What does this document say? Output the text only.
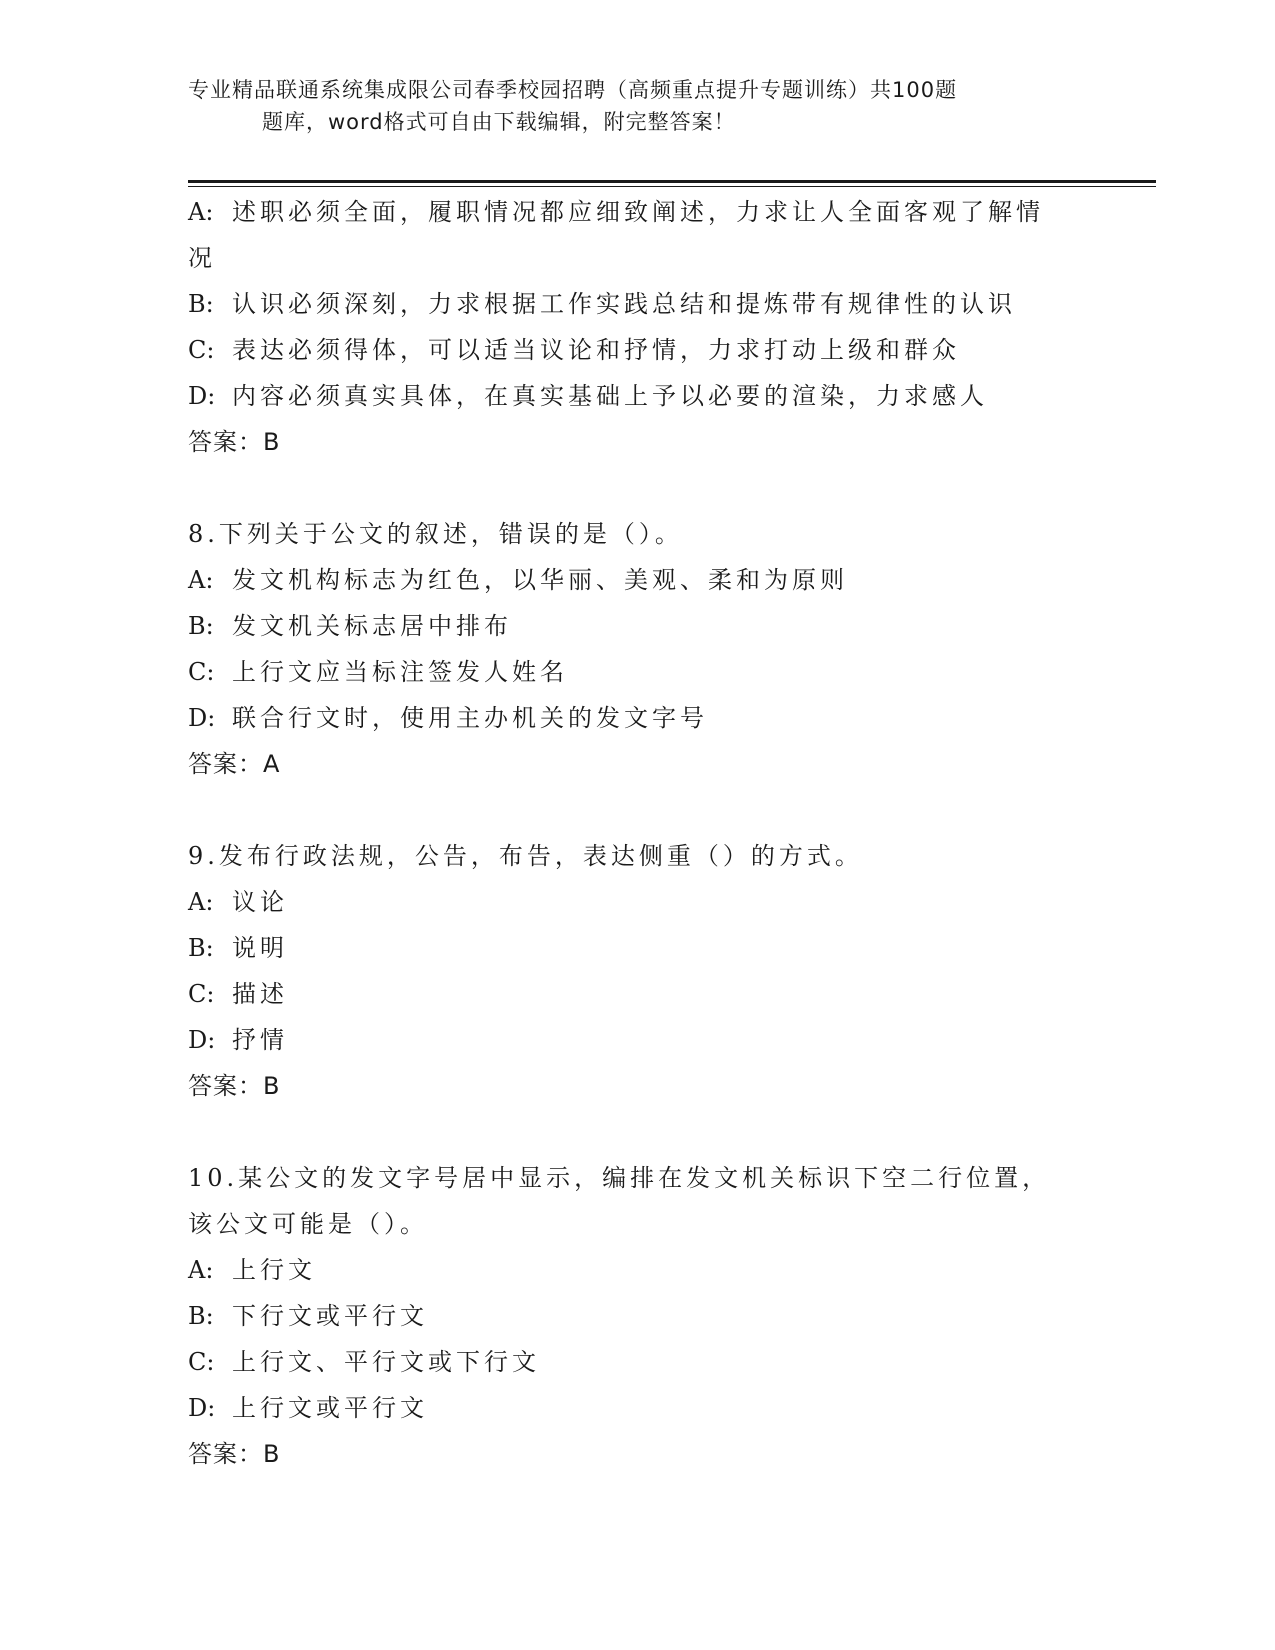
专业精品联通系统集成限公司春季校园招聘（高频重点提升专题训练）共100题
题库，word格式可自由下载编辑，附完整答案！
A: 述职必须全面，履职情况都应细致阐述，力求让人全面客观了解情
况
B: 认识必须深刻，力求根据工作实践总结和提炼带有规律性的认识
C: 表达必须得体，可以适当议论和抒情，力求打动上级和群众
D: 内容必须真实具体，在真实基础上予以必要的渲染，力求感人
答案：B
8.下列关于公文的叙述，错误的是（）。
A: 发文机构标志为红色，以华丽、美观、柔和为原则
B: 发文机关标志居中排布
C: 上行文应当标注签发人姓名
D: 联合行文时，使用主办机关的发文字号
答案：A
9.发布行政法规，公告，布告，表达侧重（）的方式。
A: 议论
B: 说明
C: 描述
D: 抒情
答案：B
10.某公文的发文字号居中显示，编排在发文机关标识下空二行位置，
该公文可能是（）。
A: 上行文
B: 下行文或平行文
C: 上行文、平行文或下行文
D: 上行文或平行文
答案：B
